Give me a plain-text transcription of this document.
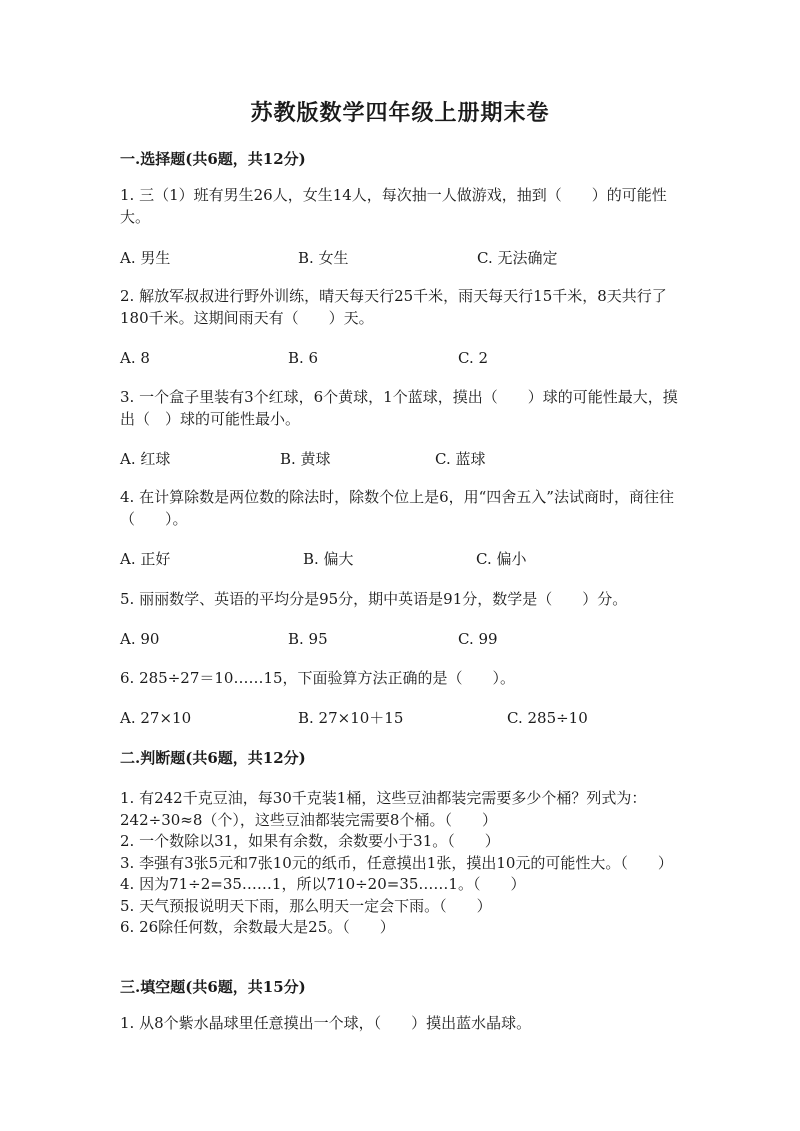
苏教版数学四年级上册期末卷
一.选择题(共6题，共12分)
1. 三（1）班有男生26人，女生14人，每次抽一人做游戏，抽到（　　）的可能性大。
A. 男生	B. 女生	C. 无法确定
2. 解放军叔叔进行野外训练，晴天每天行25千米，雨天每天行15千米，8天共行了180千米。这期间雨天有（　　）天。
A. 8	B. 6	C. 2
3. 一个盒子里装有3个红球，6个黄球，1个蓝球，摸出（　　）球的可能性最大，摸出（　）球的可能性最小。
A. 红球	B. 黄球	C. 蓝球
4. 在计算除数是两位数的除法时，除数个位上是6，用“四舍五入”法试商时，商往往（　　）。
A. 正好	B. 偏大	C. 偏小
5. 丽丽数学、英语的平均分是95分，期中英语是91分，数学是（　　）分。
A. 90	B. 95	C. 99
6. 285÷27＝10……15，下面验算方法正确的是（　　）。
A. 27×10	B. 27×10＋15	C. 285÷10
二.判断题(共6题，共12分)
1. 有242千克豆油，每30千克装1桶，这些豆油都装完需要多少个桶？列式为：242÷30≈8（个），这些豆油都装完需要8个桶。（　　）
2. 一个数除以31，如果有余数，余数要小于31。（　　）
3. 李强有3张5元和7张10元的纸币，任意摸出1张，摸出10元的可能性大。（　　）
4. 因为71÷2=35……1，所以710÷20=35……1。（　　）
5. 天气预报说明天下雨，那么明天一定会下雨。（　　）
6. 26除任何数，余数最大是25。（　　）
三.填空题(共6题，共15分)
1. 从8个紫水晶球里任意摸出一个球，（　　）摸出蓝水晶球。
